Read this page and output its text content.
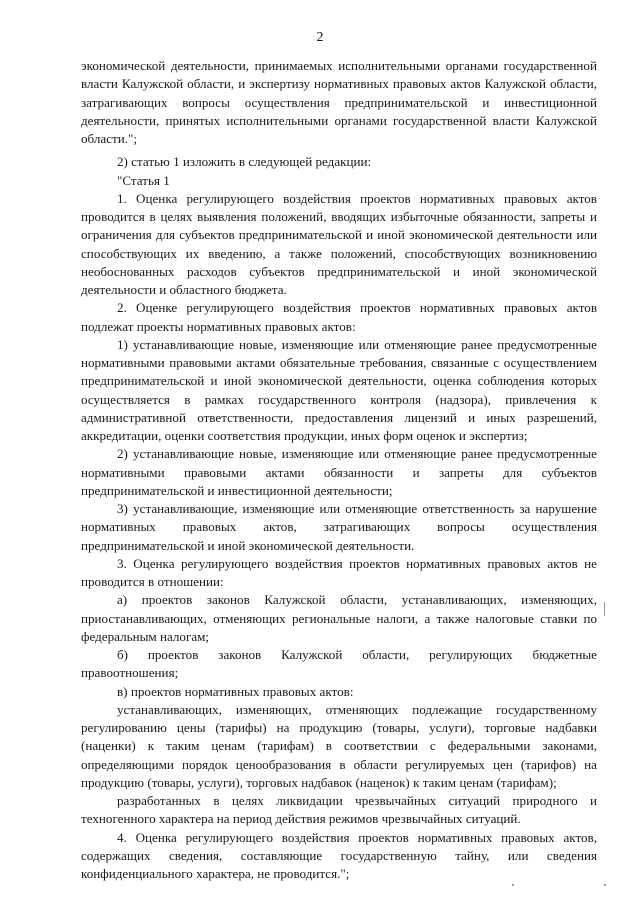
2

экономической деятельности, принимаемых исполнительными органами государственной власти Калужской области, и экспертизу нормативных правовых актов Калужской области, затрагивающих вопросы осуществления предпринимательской и инвестиционной деятельности, принятых исполнительными органами государственной власти Калужской области.";

2) статью 1 изложить в следующей редакции:

"Статья 1

1. Оценка регулирующего воздействия проектов нормативных правовых актов проводится в целях выявления положений, вводящих избыточные обязанности, запреты и ограничения для субъектов предпринимательской и иной экономической деятельности или способствующих их введению, а также положений, способствующих возникновению необоснованных расходов субъектов предпринимательской и иной экономической деятельности и областного бюджета.

2. Оценке регулирующего воздействия проектов нормативных правовых актов подлежат проекты нормативных правовых актов:

1) устанавливающие новые, изменяющие или отменяющие ранее предусмотренные нормативными правовыми актами обязательные требования, связанные с осуществлением предпринимательской и иной экономической деятельности, оценка соблюдения которых осуществляется в рамках государственного контроля (надзора), привлечения к административной ответственности, предоставления лицензий и иных разрешений, аккредитации, оценки соответствия продукции, иных форм оценок и экспертиз;

2) устанавливающие новые, изменяющие или отменяющие ранее предусмотренные нормативными правовыми актами обязанности и запреты для субъектов предпринимательской и инвестиционной деятельности;

3) устанавливающие, изменяющие или отменяющие ответственность за нарушение нормативных правовых актов, затрагивающих вопросы осуществления предпринимательской и иной экономической деятельности.

3. Оценка регулирующего воздействия проектов нормативных правовых актов не проводится в отношении:

а) проектов законов Калужской области, устанавливающих, изменяющих, приостанавливающих, отменяющих региональные налоги, а также налоговые ставки по федеральным налогам;

б) проектов законов Калужской области, регулирующих бюджетные правоотношения;

в) проектов нормативных правовых актов:

устанавливающих, изменяющих, отменяющих подлежащие государственному регулированию цены (тарифы) на продукцию (товары, услуги), торговые надбавки (наценки) к таким ценам (тарифам) в соответствии с федеральными законами, определяющими порядок ценообразования в области регулируемых цен (тарифов) на продукцию (товары, услуги), торговых надбавок (наценок) к таким ценам (тарифам);

разработанных в целях ликвидации чрезвычайных ситуаций природного и техногенного характера на период действия режимов чрезвычайных ситуаций.

4. Оценка регулирующего воздействия проектов нормативных правовых актов, содержащих сведения, составляющие государственную тайну, или сведения конфиденциального характера, не проводится.";
